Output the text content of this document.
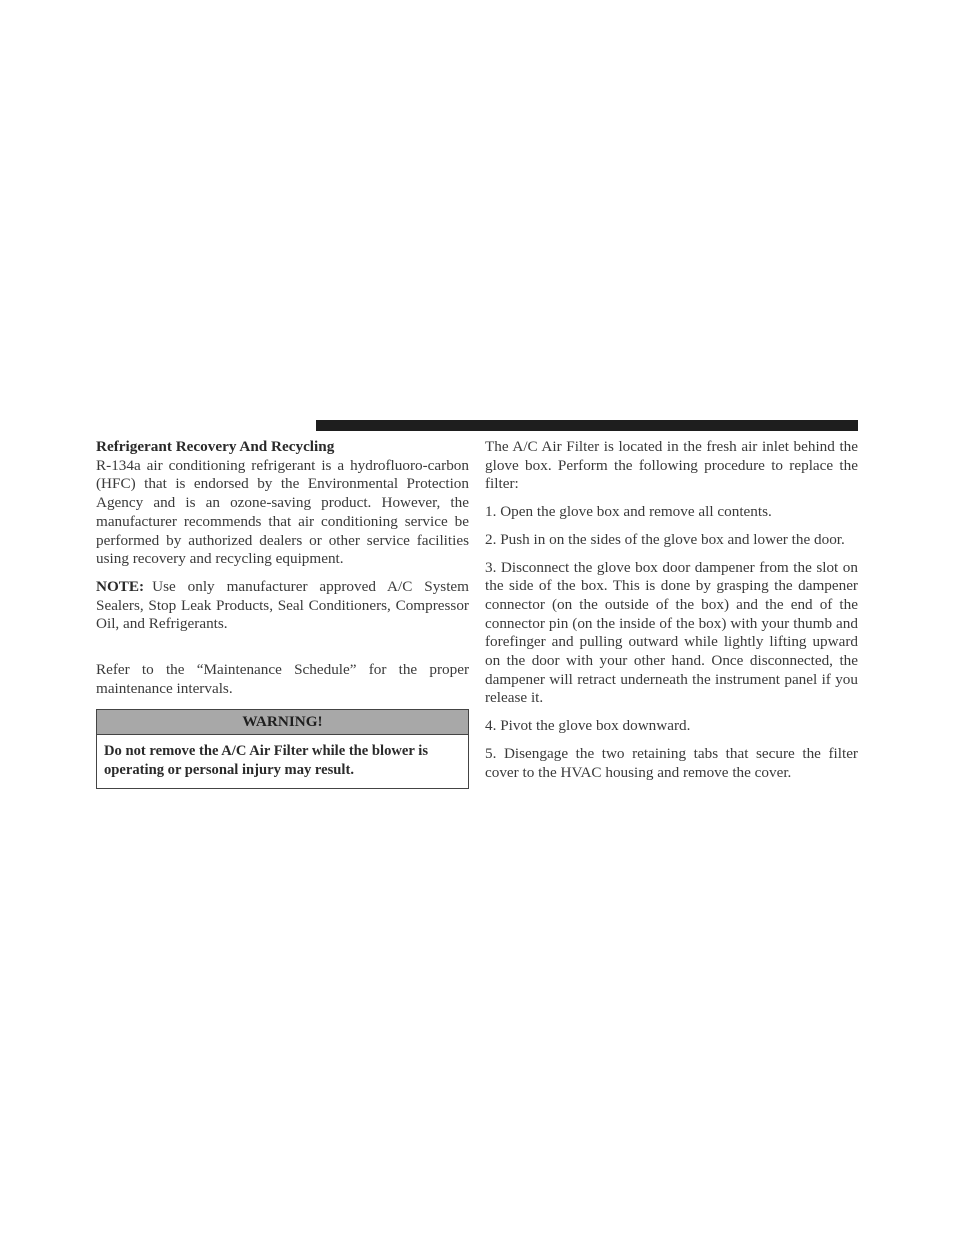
Refrigerant Recovery And Recycling

R-134a air conditioning refrigerant is a hydrofluoro-carbon (HFC) that is endorsed by the Environmental Protection Agency and is an ozone-saving product. However, the manufacturer recommends that air conditioning service be performed by authorized dealers or other service facilities using recovery and recycling equipment.

NOTE: Use only manufacturer approved A/C System Sealers, Stop Leak Products, Seal Conditioners, Compressor Oil, and Refrigerants.

Refer to the “Maintenance Schedule” for the proper maintenance intervals.

WARNING!
Do not remove the A/C Air Filter while the blower is operating or personal injury may result.

The A/C Air Filter is located in the fresh air inlet behind the glove box. Perform the following procedure to replace the filter:

1. Open the glove box and remove all contents.

2. Push in on the sides of the glove box and lower the door.

3. Disconnect the glove box door dampener from the slot on the side of the box. This is done by grasping the dampener connector (on the outside of the box) and the end of the connector pin (on the inside of the box) with your thumb and forefinger and pulling outward while lightly lifting upward on the door with your other hand. Once disconnected, the dampener will retract underneath the instrument panel if you release it.

4. Pivot the glove box downward.

5. Disengage the two retaining tabs that secure the filter cover to the HVAC housing and remove the cover.
